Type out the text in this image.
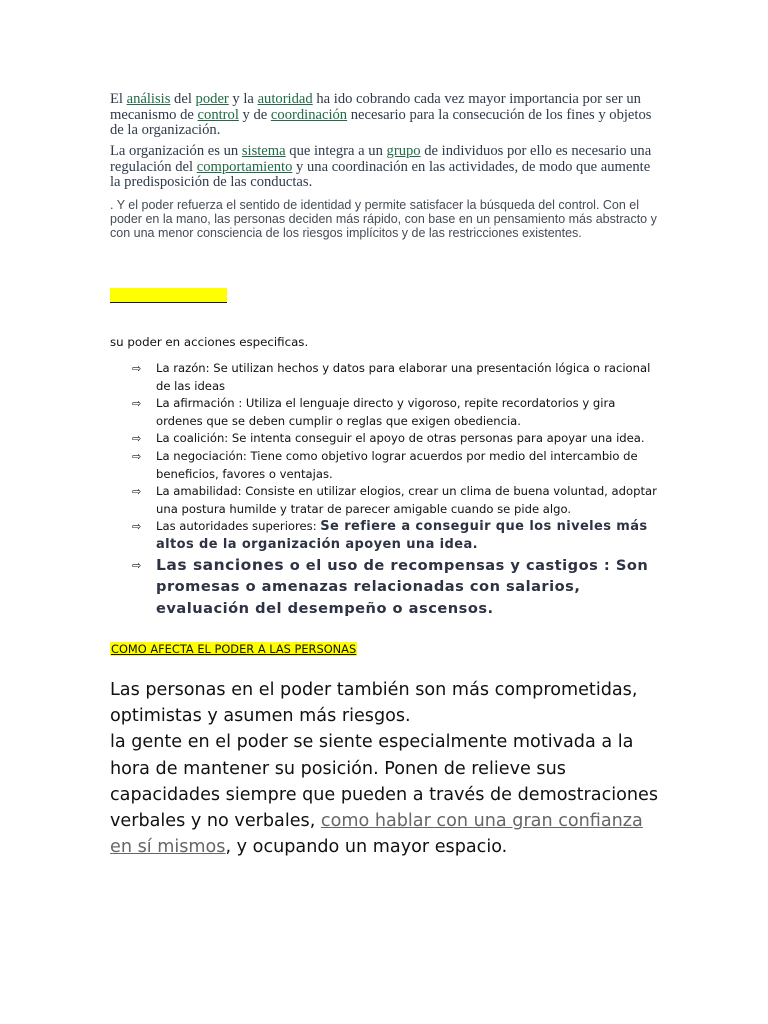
El análisis del poder y la autoridad ha ido cobrando cada vez mayor importancia por ser un mecanismo de control y de coordinación necesario para la consecución de los fines y objetos de la organización.

La organización es un sistema que integra a un grupo de individuos por ello es necesario una regulación del comportamiento y una coordinación en las actividades, de modo que aumente la predisposición de las conductas.

. Y el poder refuerza el sentido de identidad y permite satisfacer la búsqueda del control. Con el poder en la mano, las personas deciden más rápido, con base en un pensamiento más abstracto y con una menor consciencia de los riesgos implícitos y de las restricciones existentes.

su poder en acciones especificas.

⇨ La razón: Se utilizan hechos y datos para elaborar una presentación lógica o racional de las ideas
⇨ La afirmación : Utiliza el lenguaje directo y vigoroso, repite recordatorios y gira ordenes que se deben cumplir o reglas que exigen obediencia.
⇨ La coalición: Se intenta conseguir el apoyo de otras personas para apoyar una idea.
⇨ La negociación: Tiene como objetivo lograr acuerdos por medio del intercambio de beneficios, favores o ventajas.
⇨ La amabilidad: Consiste en utilizar elogios, crear un clima de buena voluntad, adoptar una postura humilde y tratar de parecer amigable cuando se pide algo.
⇨ Las autoridades superiores: Se refiere a conseguir que los niveles más altos de la organización apoyen una idea.
⇨ Las sanciones o el uso de recompensas y castigos : Son promesas o amenazas relacionadas con salarios, evaluación del desempeño o ascensos.
COMO AFECTA EL PODER A LAS PERSONAS

Las personas en el poder también son más comprometidas, optimistas y asumen más riesgos.
la gente en el poder se siente especialmente motivada a la hora de mantener su posición. Ponen de relieve sus capacidades siempre que pueden a través de demostraciones verbales y no verbales, como hablar con una gran confianza en sí mismos, y ocupando un mayor espacio.
